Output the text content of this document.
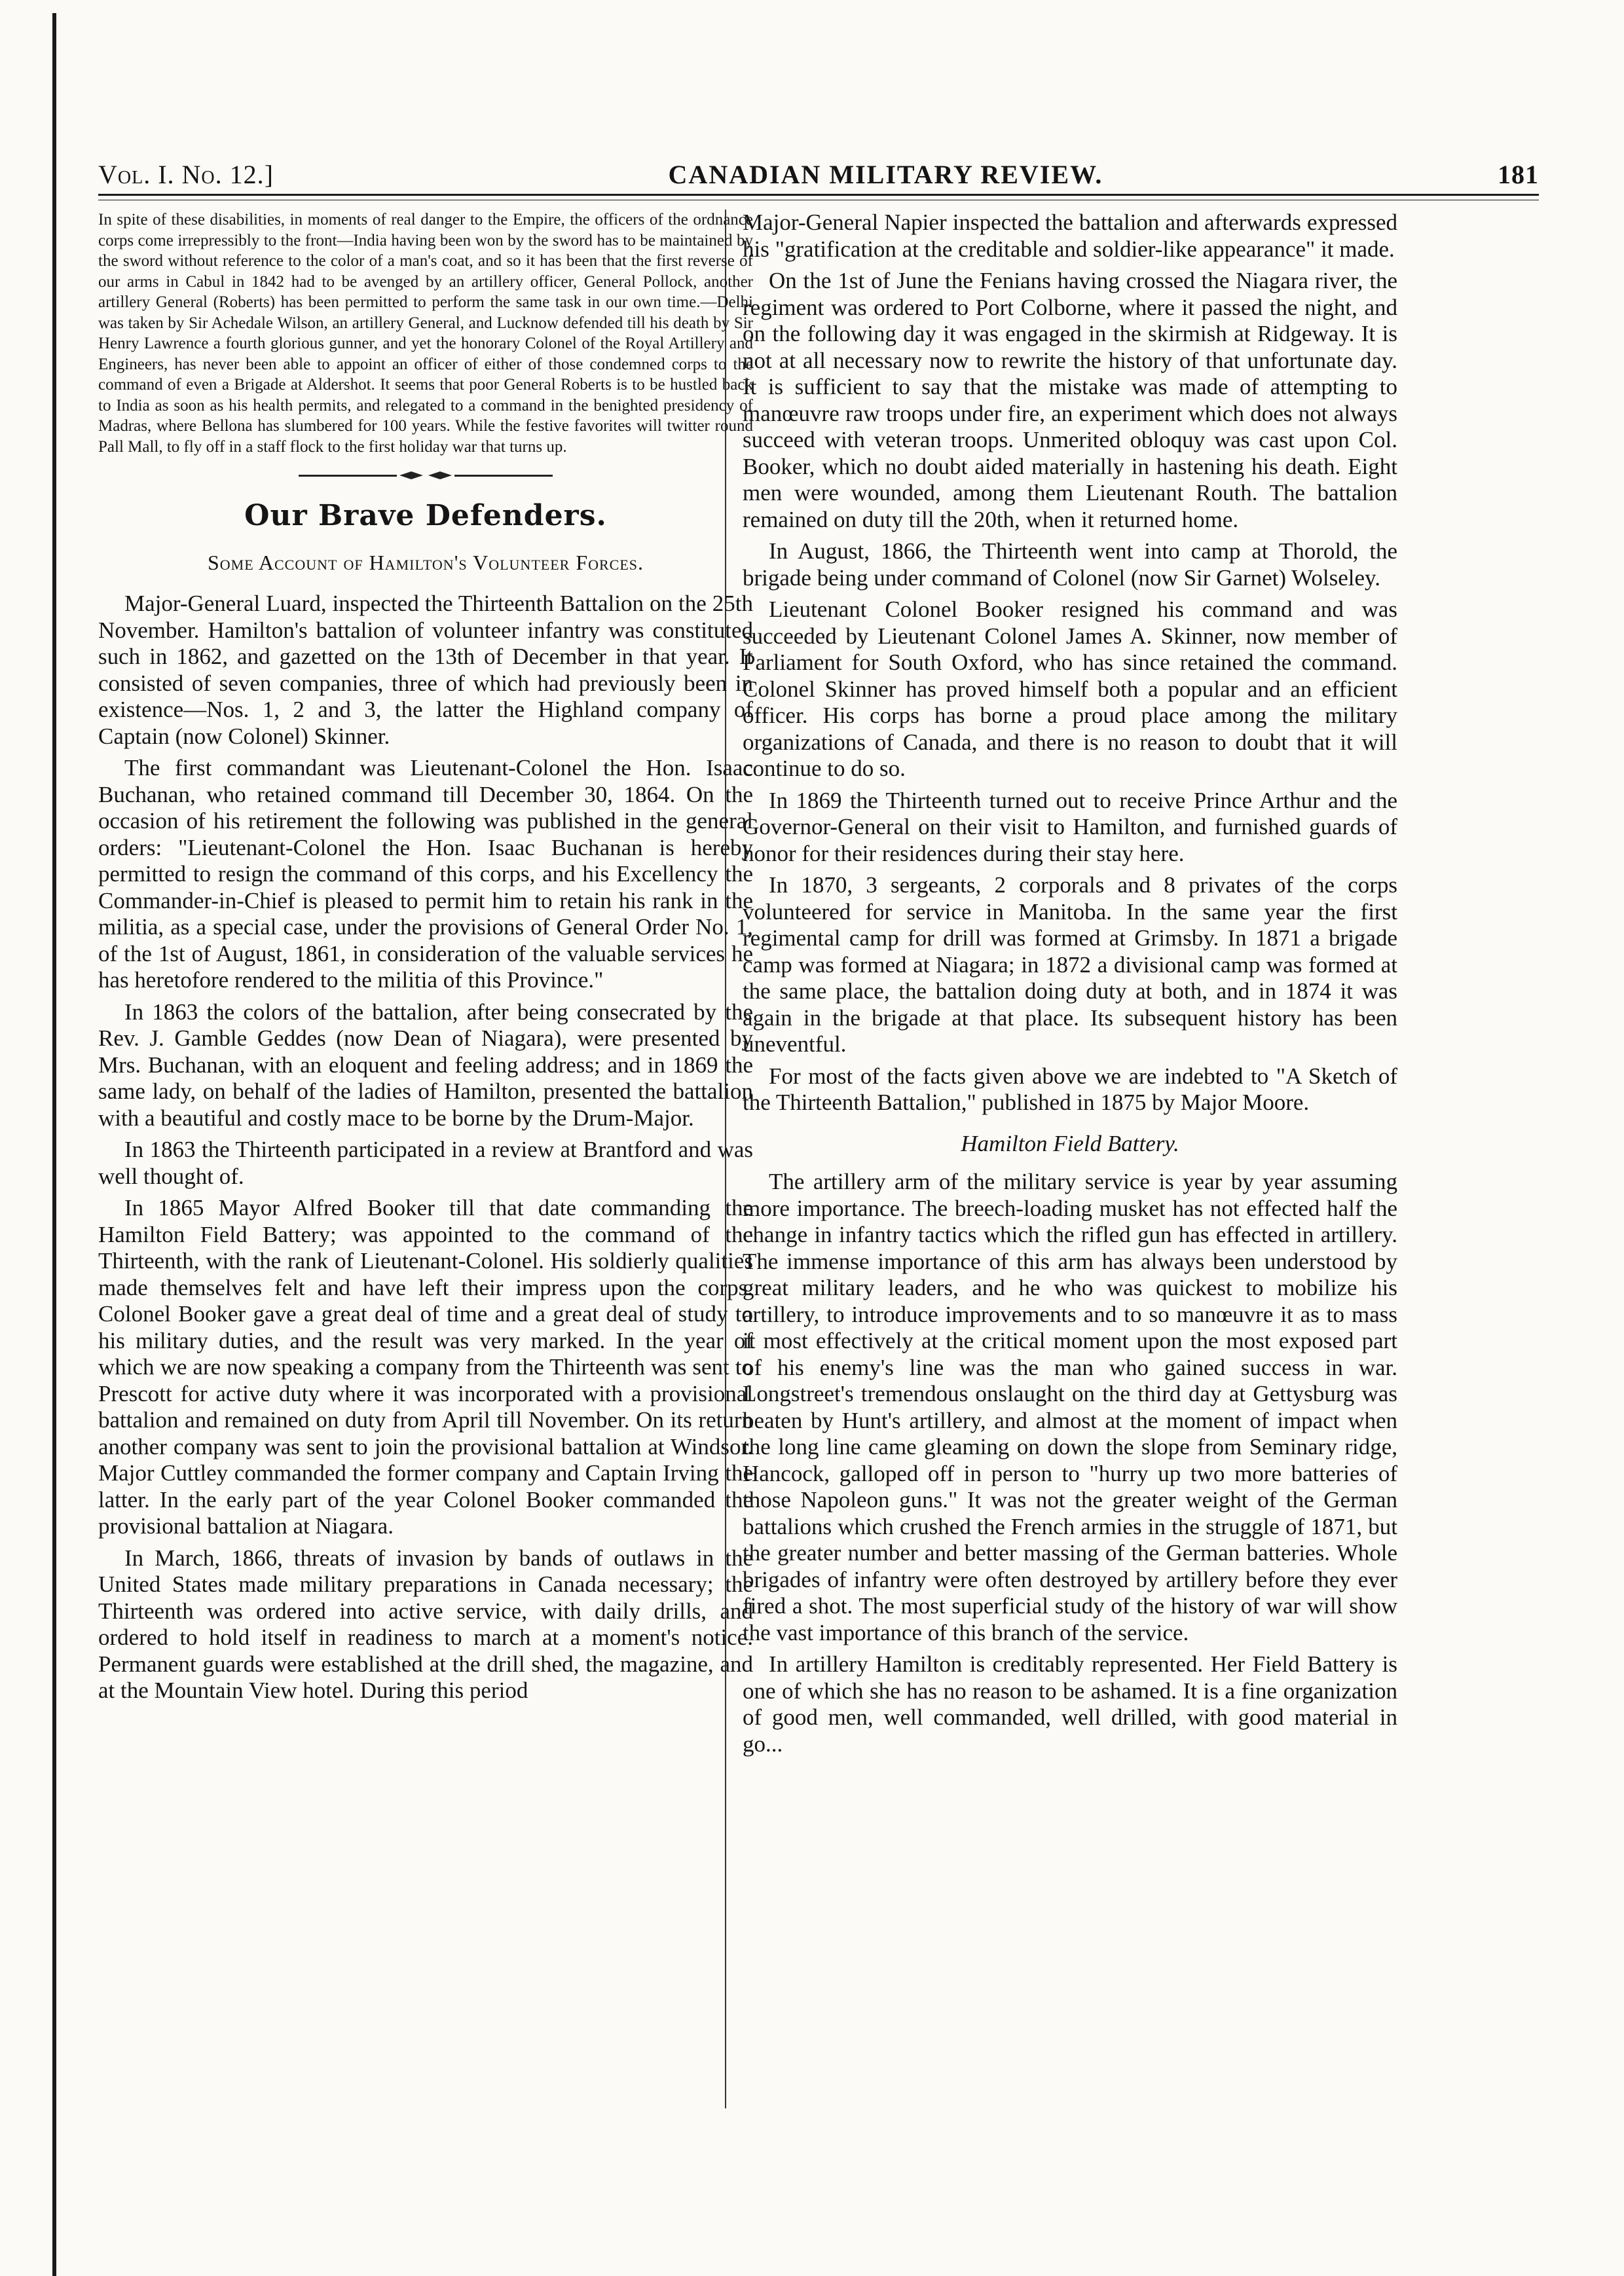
Vol. I. No. 12.]	CANADIAN MILITARY REVIEW.	181

In spite of these disabilities, in moments of real danger to the Empire, the officers of the ordnance corps come irrepressibly to the front—India having been won by the sword has to be maintained by the sword without reference to the color of a man's coat, and so it has been that the first reverse of our arms in Cabul in 1842 had to be avenged by an artillery officer, General Pollock, another artillery General (Roberts) has been permitted to perform the same task in our own time.—Delhi was taken by Sir Achedale Wilson, an artillery General, and Lucknow defended till his death by Sir Henry Lawrence a fourth glorious gunner, and yet the honorary Colonel of the Royal Artillery and Engineers, has never been able to appoint an officer of either of those condemned corps to the command of even a Brigade at Aldershot. It seems that poor General Roberts is to be hustled back to India as soon as his health permits, and relegated to a command in the benighted presidency of Madras, where Bellona has slumbered for 100 years. While the festive favorites will twitter round Pall Mall, to fly off in a staff flock to the first holiday war that turns up.

Our Brave Defenders.
Some Account of Hamilton's Volunteer Forces.

Major-General Luard, inspected the Thirteenth Battalion on the 25th November. Hamilton's battalion of volunteer infantry was constituted such in 1862, and gazetted on the 13th of December in that year. It consisted of seven companies, three of which had previously been in existence—Nos. 1, 2 and 3, the latter the Highland company of Captain (now Colonel) Skinner.

The first commandant was Lieutenant-Colonel the Hon. Isaac Buchanan, who retained command till December 30, 1864. On the occasion of his retirement the following was published in the general orders: "Lieutenant-Colonel the Hon. Isaac Buchanan is hereby permitted to resign the command of this corps, and his Excellency the Commander-in-Chief is pleased to permit him to retain his rank in the militia, as a special case, under the provisions of General Order No. 1, of the 1st of August, 1861, in consideration of the valuable services he has heretofore rendered to the militia of this Province."

In 1863 the colors of the battalion, after being consecrated by the Rev. J. Gamble Geddes (now Dean of Niagara), were presented by Mrs. Buchanan, with an eloquent and feeling address; and in 1869 the same lady, on behalf of the ladies of Hamilton, presented the battalion with a beautiful and costly mace to be borne by the Drum-Major.

In 1863 the Thirteenth participated in a review at Brantford and was well thought of.

In 1865 Mayor Alfred Booker till that date commanding the Hamilton Field Battery; was appointed to the command of the Thirteenth, with the rank of Lieutenant-Colonel. His soldierly qualities made themselves felt and have left their impress upon the corps. Colonel Booker gave a great deal of time and a great deal of study to his military duties, and the result was very marked. In the year of which we are now speaking a company from the Thirteenth was sent to Prescott for active duty where it was incorporated with a provisional battalion and remained on duty from April till November. On its return another company was sent to join the provisional battalion at Windsor. Major Cuttley commanded the former company and Captain Irving the latter. In the early part of the year Colonel Booker commanded the provisional battalion at Niagara.

In March, 1866, threats of invasion by bands of outlaws in the United States made military preparations in Canada necessary; the Thirteenth was ordered into active service, with daily drills, and ordered to hold itself in readiness to march at a moment's notice. Permanent guards were established at the drill shed, the magazine, and at the Mountain View hotel. During this period

Major-General Napier inspected the battalion and afterwards expressed his "gratification at the creditable and soldier-like appearance" it made.

On the 1st of June the Fenians having crossed the Niagara river, the regiment was ordered to Port Colborne, where it passed the night, and on the following day it was engaged in the skirmish at Ridgeway. It is not at all necessary now to rewrite the history of that unfortunate day. It is sufficient to say that the mistake was made of attempting to manœuvre raw troops under fire, an experiment which does not always succeed with veteran troops. Unmerited obloquy was cast upon Col. Booker, which no doubt aided materially in hastening his death. Eight men were wounded, among them Lieutenant Routh. The battalion remained on duty till the 20th, when it returned home.

In August, 1866, the Thirteenth went into camp at Thorold, the brigade being under command of Colonel (now Sir Garnet) Wolseley.

Lieutenant Colonel Booker resigned his command and was succeeded by Lieutenant Colonel James A. Skinner, now member of Parliament for South Oxford, who has since retained the command. Colonel Skinner has proved himself both a popular and an efficient officer. His corps has borne a proud place among the military organizations of Canada, and there is no reason to doubt that it will continue to do so.

In 1869 the Thirteenth turned out to receive Prince Arthur and the Governor-General on their visit to Hamilton, and furnished guards of honor for their residences during their stay here.

In 1870, 3 sergeants, 2 corporals and 8 privates of the corps volunteered for service in Manitoba. In the same year the first regimental camp for drill was formed at Grimsby. In 1871 a brigade camp was formed at Niagara; in 1872 a divisional camp was formed at the same place, the battalion doing duty at both, and in 1874 it was again in the brigade at that place. Its subsequent history has been uneventful.

For most of the facts given above we are indebted to "A Sketch of the Thirteenth Battalion," published in 1875 by Major Moore.

Hamilton Field Battery.

The artillery arm of the military service is year by year assuming more importance. The breech-loading musket has not effected half the change in infantry tactics which the rifled gun has effected in artillery. The immense importance of this arm has always been understood by great military leaders, and he who was quickest to mobilize his artillery, to introduce improvements and to so manœuvre it as to mass it most effectively at the critical moment upon the most exposed part of his enemy's line was the man who gained success in war. Longstreet's tremendous onslaught on the third day at Gettysburg was beaten by Hunt's artillery, and almost at the moment of impact when the long line came gleaming on down the slope from Seminary ridge, Hancock, galloped off in person to "hurry up two more batteries of those Napoleon guns." It was not the greater weight of the German battalions which crushed the French armies in the struggle of 1871, but the greater number and better massing of the German batteries. Whole brigades of infantry were often destroyed by artillery before they ever fired a shot. The most superficial study of the history of war will show the vast importance of this branch of the service.

In artillery Hamilton is creditably represented. Her Field Battery is one of which she has no reason to be ashamed. It is a fine organization of good men, well commanded, well drilled, with good material in go...
